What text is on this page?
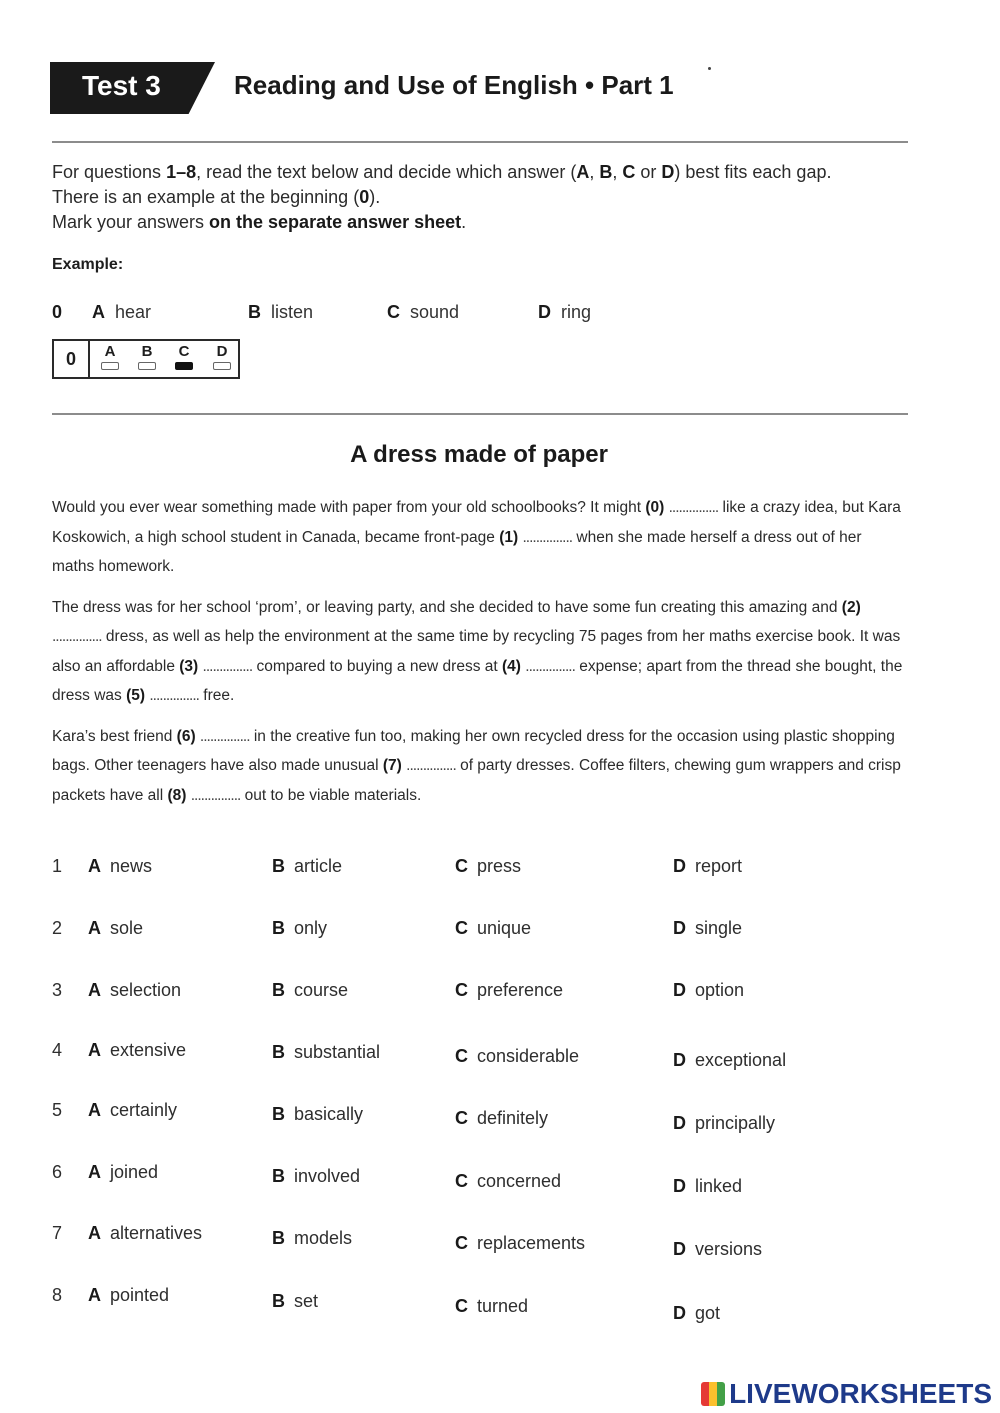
Test 3	Reading and Use of English • Part 1

For questions 1–8, read the text below and decide which answer (A, B, C or D) best fits each gap.

There is an example at the beginning (0).

Mark your answers on the separate answer sheet.

Example:
0	A hear	B listen	C sound	D ring
0	A	B	C	D
A dress made of paper

Would you ever wear something made with paper from your old schoolbooks? It might (0) ............... like a crazy idea, but Kara Koskowich, a high school student in Canada, became front-page (1) ............... when she made herself a dress out of her maths homework.

The dress was for her school ‘prom’, or leaving party, and she decided to have some fun creating this amazing and (2) ............... dress, as well as help the environment at the same time by recycling 75 pages from her maths exercise book. It was also an affordable (3) ............... compared to buying a new dress at (4) ............... expense; apart from the thread she bought, the dress was (5) ............... free.

Kara’s best friend (6) ............... in the creative fun too, making her own recycled dress for the occasion using plastic shopping bags. Other teenagers have also made unusual (7) ............... of party dresses. Coffee filters, chewing gum wrappers and crisp packets have all (8) ............... out to be viable materials.

1 A news	B article	C press	D report
2 A sole	B only	C unique	D single
3 A selection	B course	C preference	D option
4 A extensive	B substantial	C considerable	D exceptional
5 A certainly	B basically	C definitely	D principally
6 A joined	B involved	C concerned	D linked
7 A alternatives	B models	C replacements	D versions
8 A pointed	B set	C turned	D got
LIVEWORKSHEETS
